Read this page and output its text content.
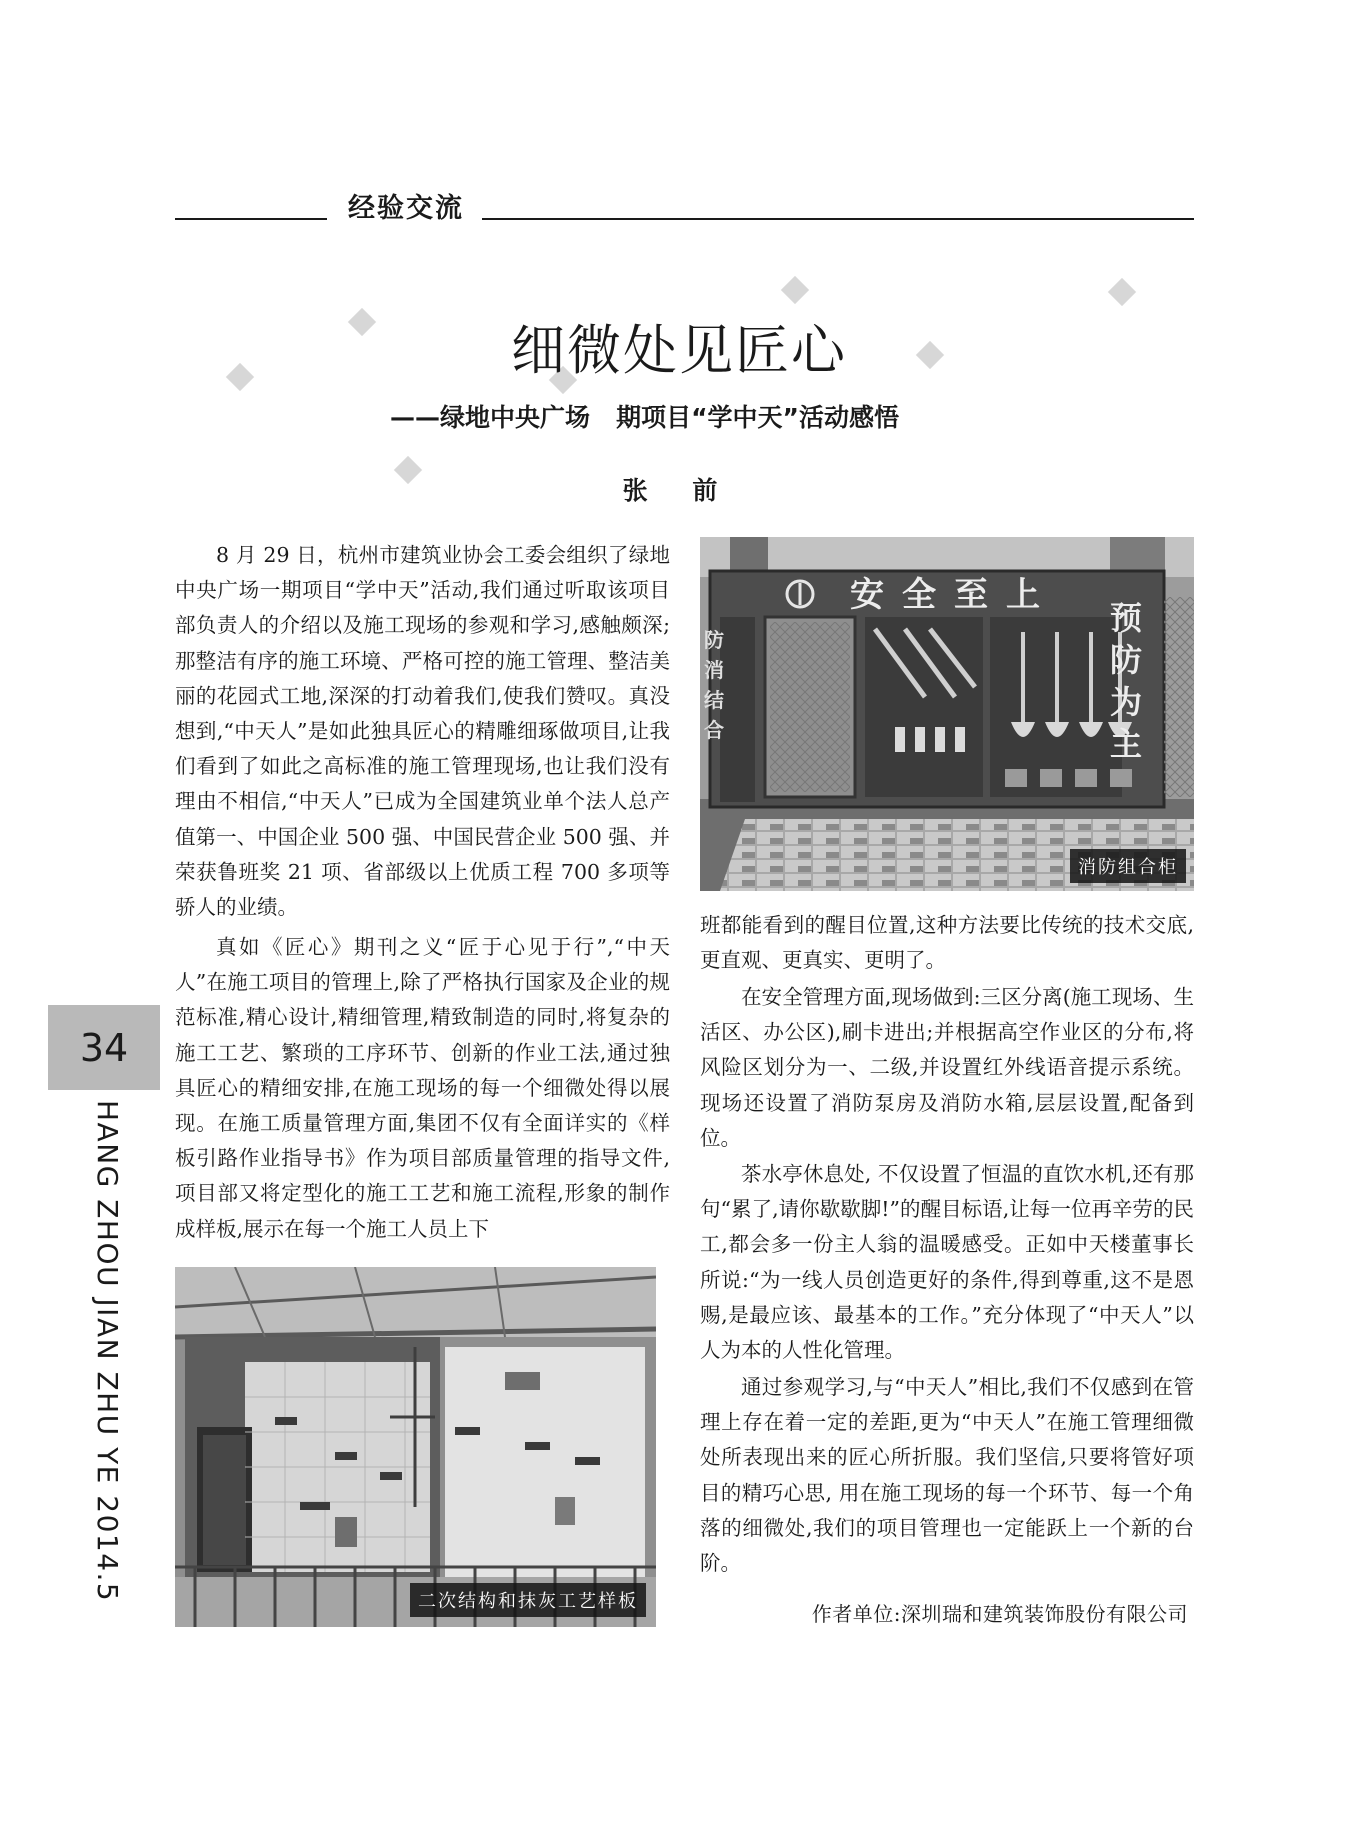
经验交流
细微处见匠心
——绿地中央广场   期项目“学中天”活动感悟
张 前

8 月 29 日，杭州市建筑业协会工委会组织了绿地中央广场一期项目“学中天”活动,我们通过听取该项目部负责人的介绍以及施工现场的参观和学习,感触颇深;那整洁有序的施工环境、严格可控的施工管理、整洁美丽的花园式工地,深深的打动着我们,使我们赞叹。真没想到,“中天人”是如此独具匠心的精雕细琢做项目,让我们看到了如此之高标准的施工管理现场,也让我们没有理由不相信,“中天人”已成为全国建筑业单个法人总产值第一、中国企业 500 强、中国民营企业 500 强、并荣获鲁班奖 21 项、省部级以上优质工程 700 多项等骄人的业绩。

真如《匠心》期刊之义“匠于心见于行”,“中天人”在施工项目的管理上,除了严格执行国家及企业的规范标准,精心设计,精细管理,精致制造的同时,将复杂的施工工艺、繁琐的工序环节、创新的作业工法,通过独具匠心的精细安排,在施工现场的每一个细微处得以展现。在施工质量管理方面,集团不仅有全面详实的《样板引路作业指导书》作为项目部质量管理的指导文件, 项目部又将定型化的施工工艺和施工流程,形象的制作成样板,展示在每一个施工人员上下

安全至上
预
防
为
主
防
消
结
合
消防组合柜

班都能看到的醒目位置,这种方法要比传统的技术交底,更直观、更真实、更明了。

在安全管理方面,现场做到:三区分离(施工现场、生活区、办公区),刷卡进出;并根据高空作业区的分布,将风险区划分为一、二级,并设置红外线语音提示系统。现场还设置了消防泵房及消防水箱,层层设置,配备到位。

茶水亭休息处, 不仅设置了恒温的直饮水机,还有那句“累了,请你歇歇脚!”的醒目标语,让每一位再辛劳的民工,都会多一份主人翁的温暖感受。正如中天楼董事长所说:“为一线人员创造更好的条件,得到尊重,这不是恩赐,是最应该、最基本的工作。”充分体现了“中天人”以人为本的人性化管理。

通过参观学习,与“中天人”相比,我们不仅感到在管理上存在着一定的差距,更为“中天人”在施工管理细微处所表现出来的匠心所折服。我们坚信,只要将管好项目的精巧心思, 用在施工现场的每一个环节、每一个角落的细微处,我们的项目管理也一定能跃上一个新的台阶。

作者单位:深圳瑞和建筑装饰股份有限公司
二次结构和抹灰工艺样板
34
HANG ZHOU JIAN ZHU YE 2014.5
